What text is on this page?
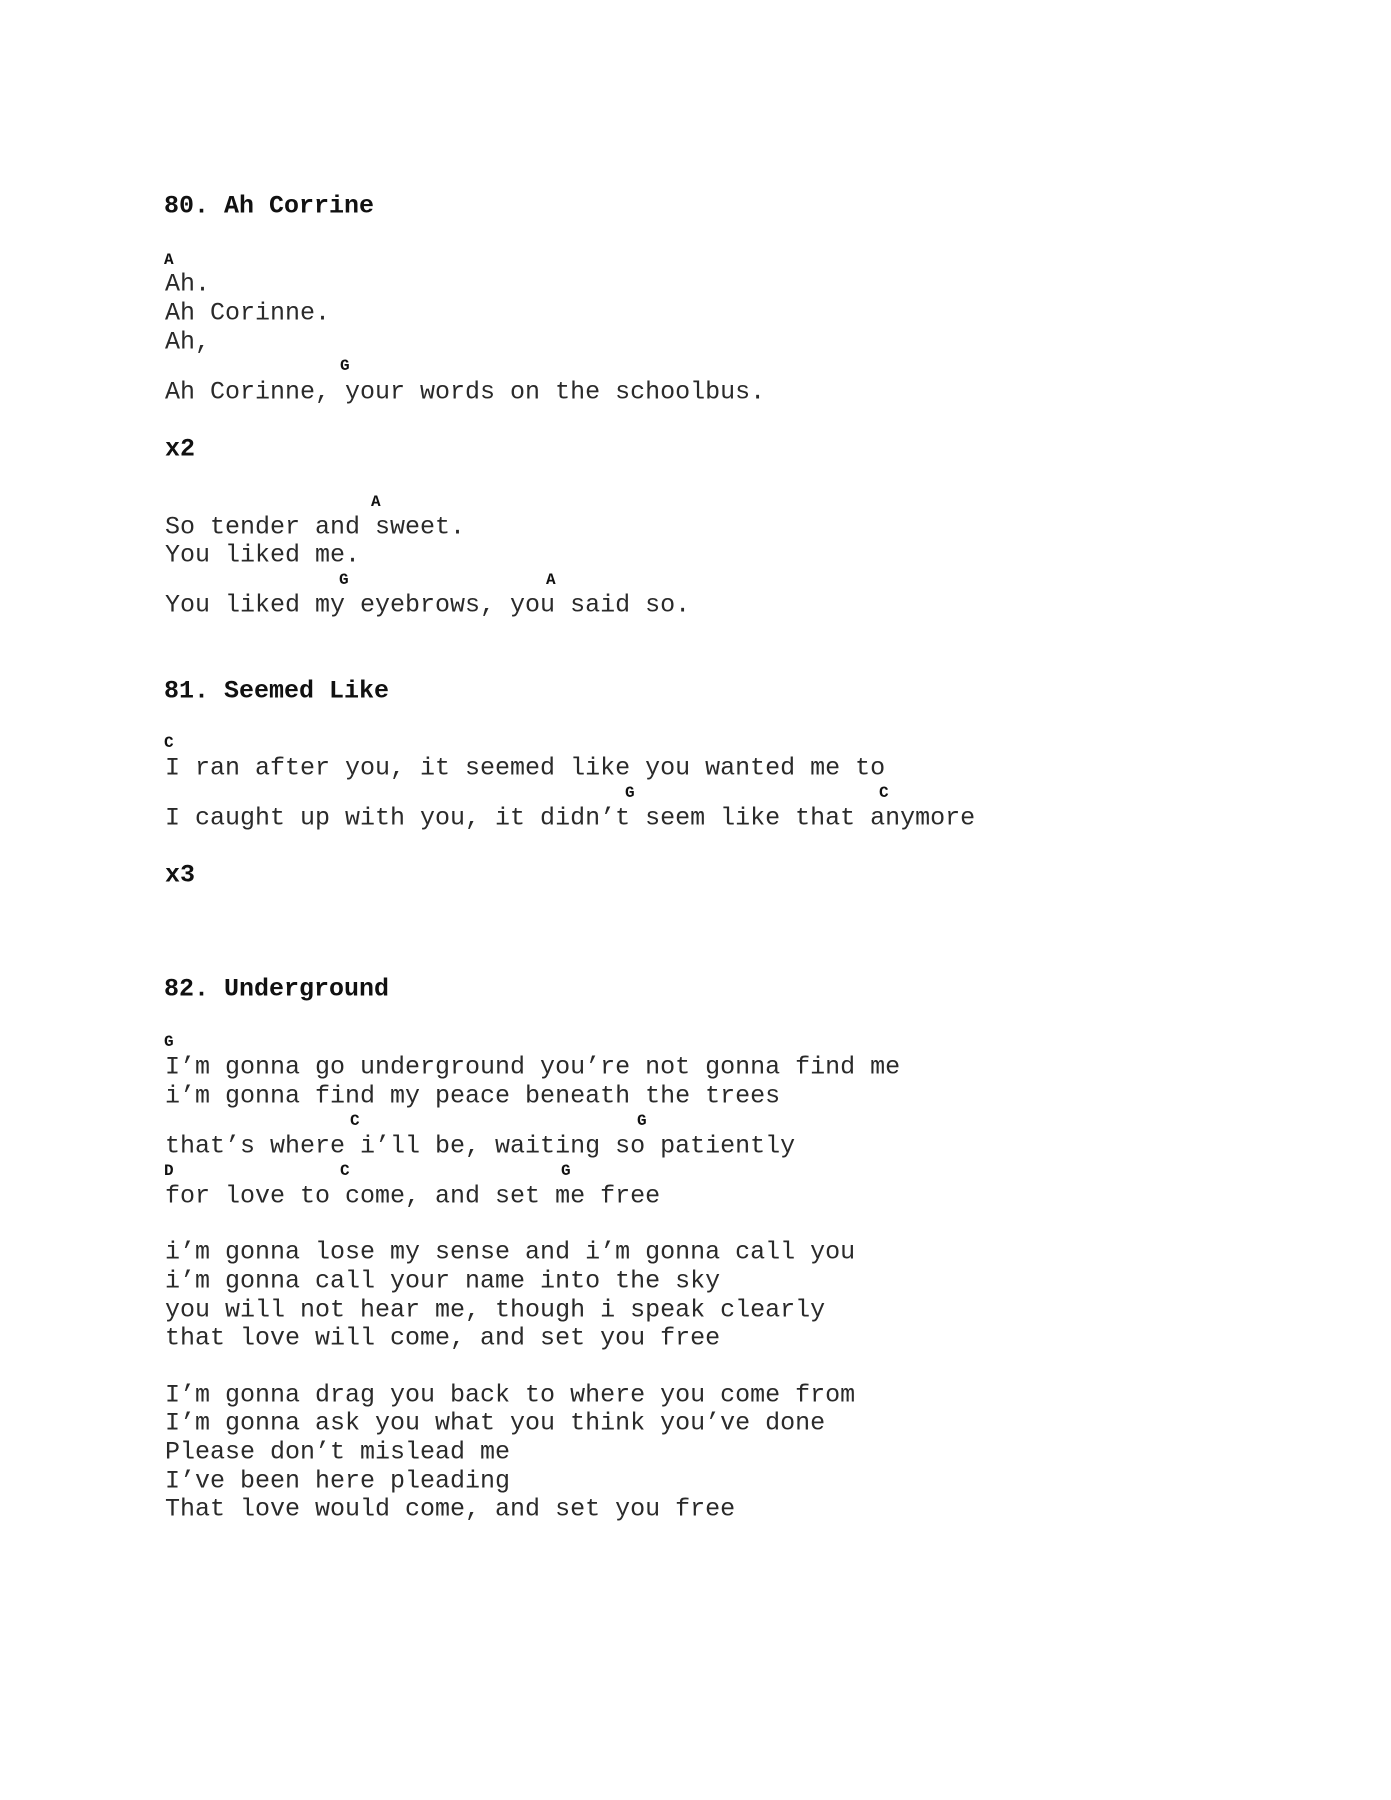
80. Ah Corrine
A
Ah.
Ah Corinne.
Ah,
G
Ah Corinne, your words on the schoolbus.
x2
A
So tender and sweet.
You liked me.
G	A
You liked my eyebrows, you said so.
81. Seemed Like
C
I ran after you, it seemed like you wanted me to
G	C
I caught up with you, it didn’t seem like that anymore
x3
82. Underground
G
I’m gonna go underground you’re not gonna find me
i’m gonna find my peace beneath the trees
C	G
that’s where i’ll be, waiting so patiently
D	C	G
for love to come, and set me free
i’m gonna lose my sense and i’m gonna call you
i’m gonna call your name into the sky
you will not hear me, though i speak clearly
that love will come, and set you free
I’m gonna drag you back to where you come from
I’m gonna ask you what you think you’ve done
Please don’t mislead me
I’ve been here pleading
That love would come, and set you free
